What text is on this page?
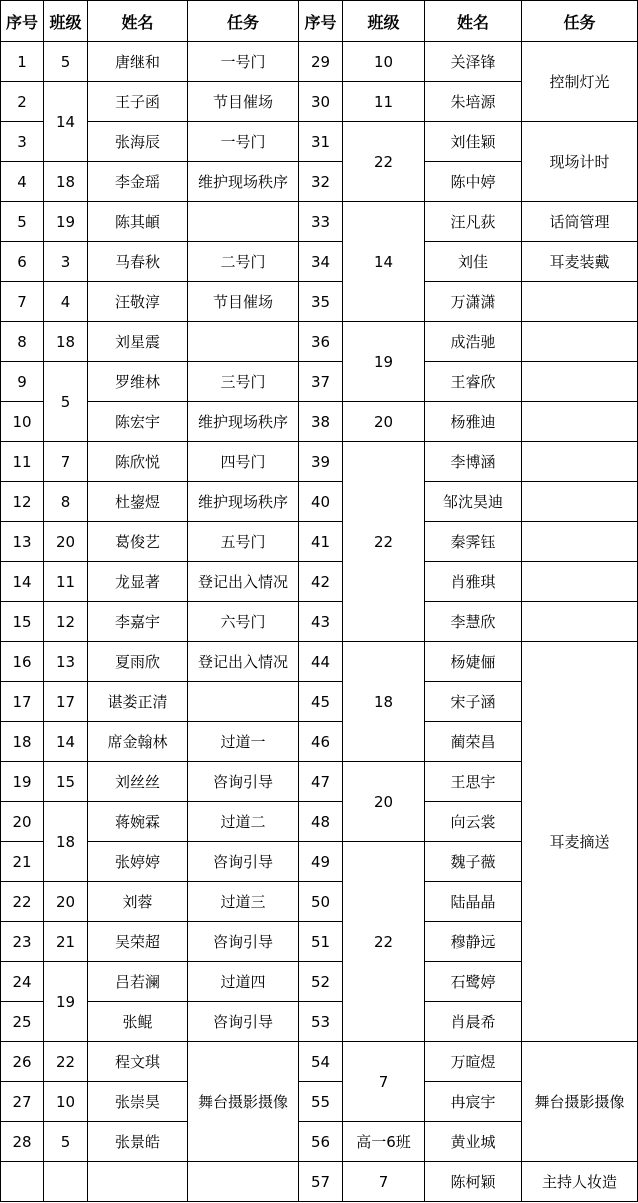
序号	班级	姓名	任务	序号	班级	姓名	任务
1	5	唐继和	一号门	29	10	关泽锋	控制灯光
2	14	王子函	节目催场	30	11	朱培源	
3		张海辰	一号门	31	22	刘佳颖	现场计时
4	18	李金瑶	维护现场秩序	32		陈中婷	
5	19	陈其頔		33	14	汪凡荻	话筒管理
6	3	马春秋	二号门	34		刘佳	耳麦装戴
7	4	汪敬淳	节目催场	35		万潇潇	
8	18	刘星震		36	19	成浩驰	
9	5	罗维林	三号门	37		王睿欣	
10		陈宏宇	维护现场秩序	38	20	杨雅迪	
11	7	陈欣悦	四号门	39	22	李博涵	
12	8	杜鋆煜	维护现场秩序	40		邹沈昊迪	
13	20	葛俊艺	五号门	41		秦霁钰	
14	11	龙显著	登记出入情况	42		肖雅琪	
15	12	李嘉宇	六号门	43		李慧欣	
16	13	夏雨欣	登记出入情况	44	18	杨婕俪	耳麦摘送
17	17	谌娄正清		45		宋子涵	
18	14	席金翰林	过道一	46		蔺荣昌	
19	15	刘丝丝	咨询引导	47	20	王思宇	
20	18	蒋婉霖	过道二	48		向云裳	
21		张婷婷	咨询引导	49	22	魏子薇	
22	20	刘蓉	过道三	50		陆晶晶	
23	21	吴荣超	咨询引导	51		穆静远	
24	19	吕若澜	过道四	52		石鹭婷	
25		张鲲	咨询引导	53		肖晨希	
26	22	程文琪	舞台摄影摄像	54	7	万暄煜	舞台摄影摄像
27	10	张崇昊		55		冉宸宇	
28	5	张景皓		56	高一6班	黄业城	
				57	7	陈柯颖	主持人妆造
